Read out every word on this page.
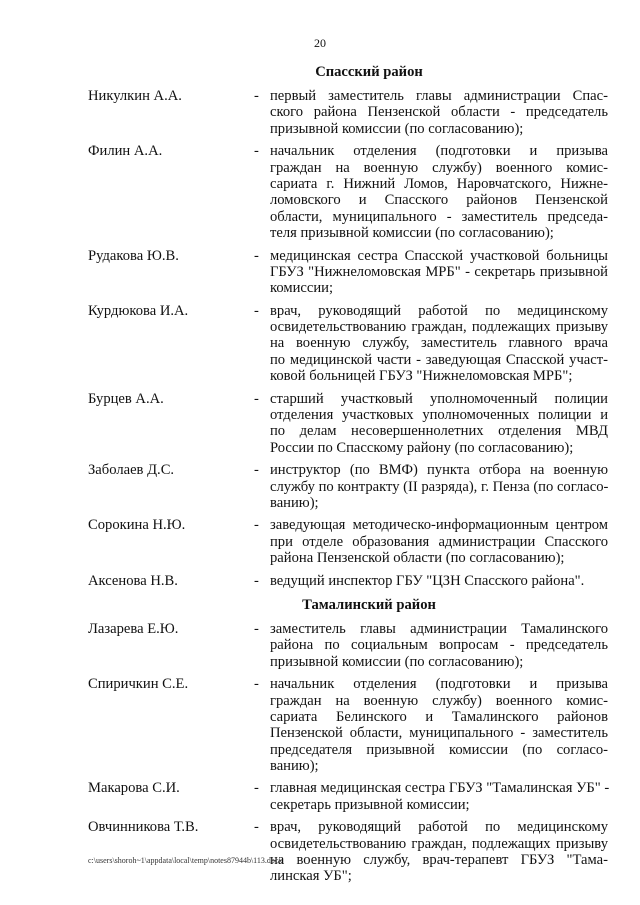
20
Спасский район
Никулкин А.А.	- первый заместитель главы администрации Спас-
ского района Пензенской области - председатель
призывной комиссии (по согласованию);
Филин А.А.	- начальник отделения (подготовки и призыва
граждан на военную службу) военного комис-
сариата г. Нижний Ломов, Наровчатского, Нижне-
ломовского и Спасского районов Пензенской
области, муниципального - заместитель председа-
теля призывной комиссии (по согласованию);
Рудакова Ю.В.	- медицинская сестра Спасской участковой больницы
ГБУЗ "Нижнеломовская МРБ" - секретарь призывной
комиссии;
Курдюкова И.А.	- врач, руководящий работой по медицинскому
освидетельствованию граждан, подлежащих призыву
на военную службу, заместитель главного врача
по медицинской части - заведующая Спасской участ-
ковой больницей ГБУЗ "Нижнеломовская МРБ";
Бурцев А.А.	- старший участковый уполномоченный полиции
отделения участковых уполномоченных полиции и
по делам несовершеннолетних отделения МВД
России по Спасскому району (по согласованию);
Заболаев Д.С.	- инструктор (по ВМФ) пункта отбора на военную
службу по контракту (II разряда), г. Пенза (по согласо-
ванию);
Сорокина Н.Ю.	- заведующая методическо-информационным центром
при отделе образования администрации Спасского
района Пензенской области (по согласованию);
Аксенова Н.В.	- ведущий инспектор ГБУ "ЦЗН Спасского района".
Тамалинский район
Лазарева Е.Ю.	- заместитель главы администрации Тамалинского
района по социальным вопросам - председатель
призывной комиссии (по согласованию);
Спиричкин С.Е.	- начальник отделения (подготовки и призыва
граждан на военную службу) военного комис-
сариата Белинского и Тамалинского районов
Пензенской области, муниципального - заместитель
председателя призывной комиссии (по согласо-
ванию);
Макарова С.И.	- главная медицинская сестра ГБУЗ "Тамалинская УБ" -
секретарь призывной комиссии;
Овчинникова Т.В.	- врач, руководящий работой по медицинскому
освидетельствованию граждан, подлежащих призыву
на военную службу, врач-терапевт ГБУЗ "Тама-
линская УБ";
c:\users\shoroh~1\appdata\local\temp\notes87944b\113.docx
